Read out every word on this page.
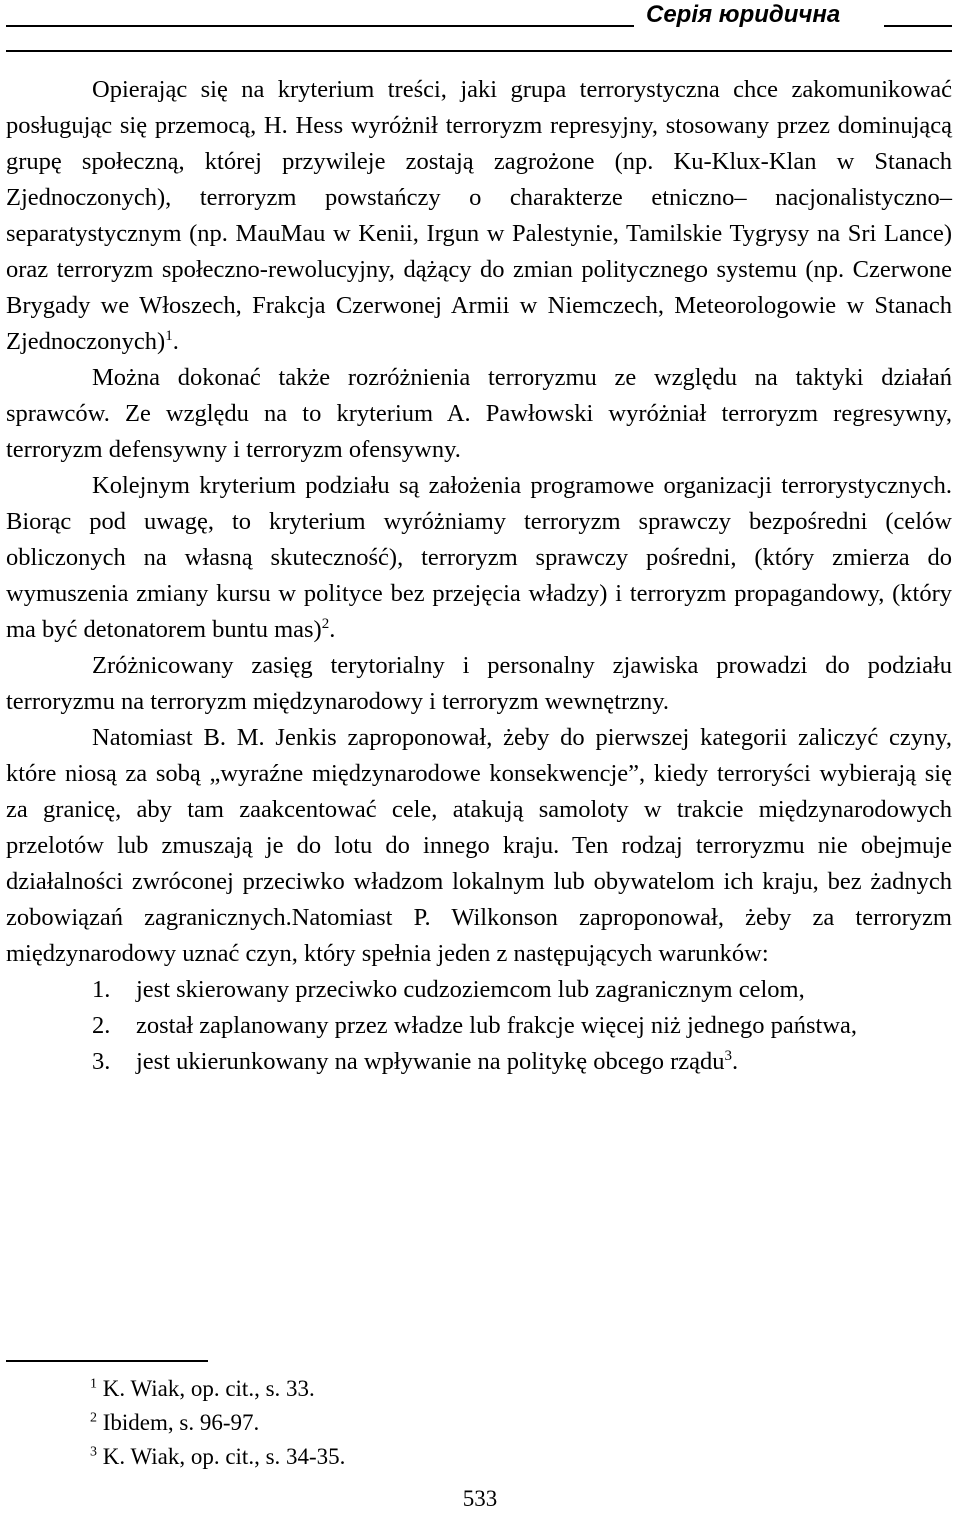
Серія юридична

Opierając się na kryterium treści, jaki grupa terrorystyczna chce zakomunikować posługując się przemocą, H. Hess wyróżnił terroryzm represyjny, stosowany przez dominującą grupę społeczną, której przywileje zostają zagrożone (np. Ku-Klux-Klan w Stanach Zjednoczonych), terroryzm powstańczy o charakterze etniczno– nacjonalistyczno– separatystycznym (np. MauMau w Kenii, Irgun w Palestynie, Tamilskie Tygrysy na Sri Lance) oraz terroryzm społeczno-rewolucyjny, dążący do zmian politycznego systemu (np. Czerwone Brygady we Włoszech, Frakcja Czerwonej Armii w Niemczech, Meteorologowie w Stanach Zjednoczonych)$^1$.

Można dokonać także rozróżnienia terroryzmu ze względu na taktyki działań sprawców. Ze względu na to kryterium A. Pawłowski wyróżniał terroryzm regresywny, terroryzm defensywny i terroryzm ofensywny.

Kolejnym kryterium podziału są założenia programowe organizacji terrorystycznych. Biorąc pod uwagę, to kryterium wyróżniamy terroryzm sprawczy bezpośredni (celów obliczonych na własną skuteczność), terroryzm sprawczy pośredni, (który zmierza do wymuszenia zmiany kursu w polityce bez przejęcia władzy) i terroryzm propagandowy, (który ma być detonatorem buntu mas)$^2$.

Zróżnicowany zasięg terytorialny i personalny zjawiska prowadzi do podziału terroryzmu na terroryzm międzynarodowy i terroryzm wewnętrzny.

Natomiast B. M. Jenkis zaproponował, żeby do pierwszej kategorii zaliczyć czyny, które niosą za sobą „wyraźne międzynarodowe konsekwencje”, kiedy terroryści wybierają się za granicę, aby tam zaakcentować cele, atakują samoloty w trakcie międzynarodowych przelotów lub zmuszają je do lotu do innego kraju. Ten rodzaj terroryzmu nie obejmuje działalności zwróconej przeciwko władzom lokalnym lub obywatelom ich kraju, bez żadnych zobowiązań zagranicznych.Natomiast P. Wilkonson zaproponował, żeby za terroryzm międzynarodowy uznać czyn, który spełnia jeden z następujących warunków:

1. jest skierowany przeciwko cudzoziemcom lub zagranicznym celom,
2. został zaplanowany przez władze lub frakcje więcej niż jednego państwa,
3. jest ukierunkowany na wpływanie na politykę obcego rządu$^3$.
$^1$ K. Wiak, op. cit., s. 33.
$^2$ Ibidem, s. 96-97.
$^3$ K. Wiak, op. cit., s. 34-35.
533
